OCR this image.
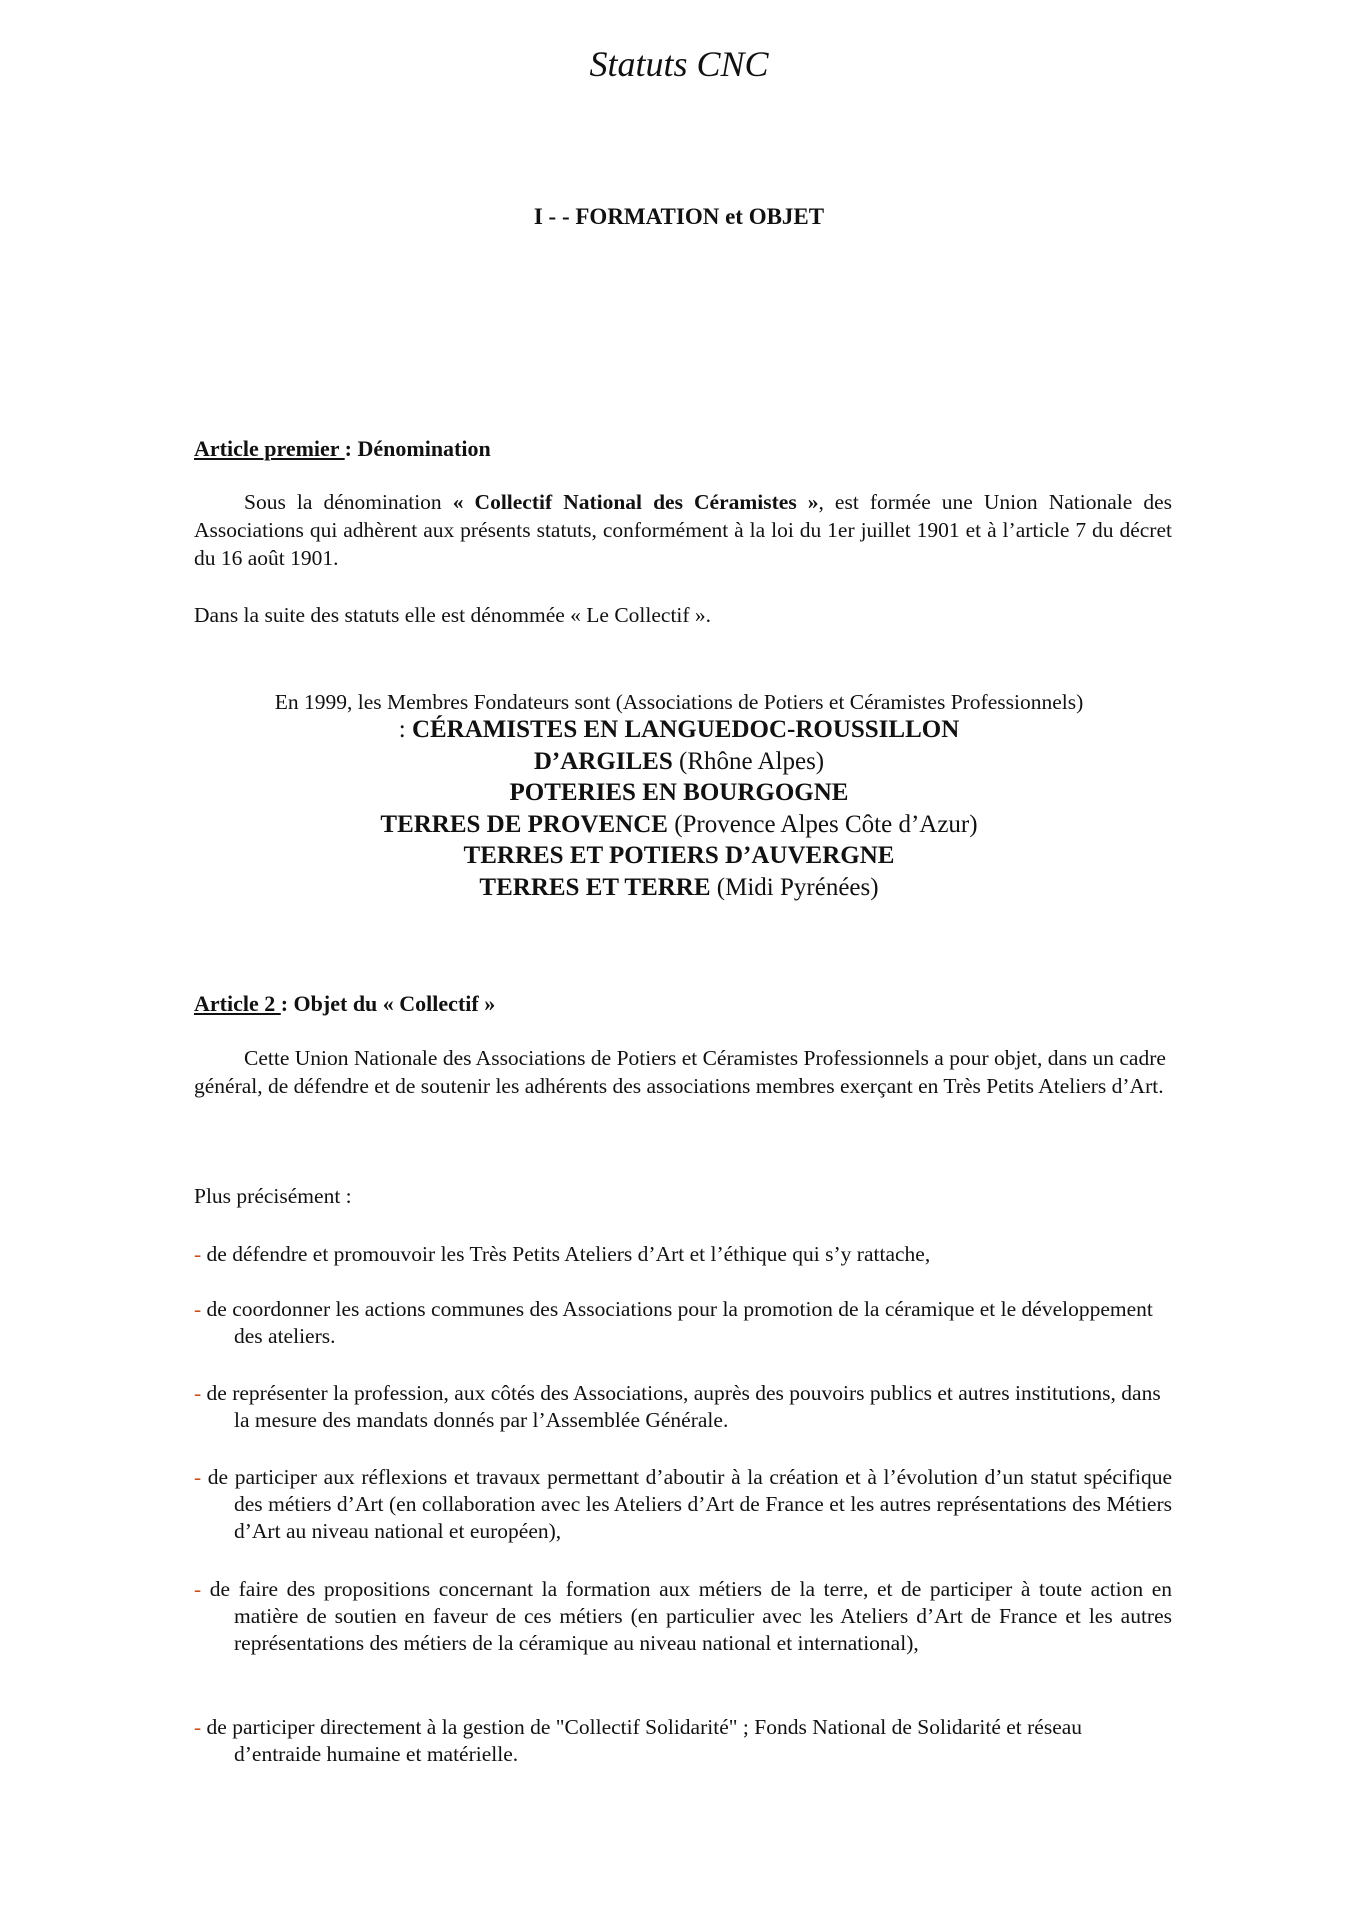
Statuts CNC
I - - FORMATION et OBJET
Article premier : Dénomination
Sous la dénomination « Collectif National des Céramistes », est formée une Union Nationale des Associations qui adhèrent aux présents statuts, conformément à la loi du 1er juillet 1901 et à l’article 7 du décret du 16 août 1901.
Dans la suite des statuts elle est dénommée « Le Collectif ».
En 1999, les Membres Fondateurs sont (Associations de Potiers et Céramistes Professionnels)
: CÉRAMISTES EN LANGUEDOC-ROUSSILLON
D’ARGILES (Rhône Alpes)
POTERIES EN BOURGOGNE
TERRES DE PROVENCE (Provence Alpes Côte d’Azur)
TERRES ET POTIERS D’AUVERGNE
TERRES ET TERRE (Midi Pyrénées)
Article 2 : Objet du « Collectif »
Cette Union Nationale des Associations de Potiers et Céramistes Professionnels a pour objet, dans un cadre général, de défendre et de soutenir les adhérents des associations membres exerçant en Très Petits Ateliers d’Art.
Plus précisément :
- de défendre et promouvoir les Très Petits Ateliers d’Art et l’éthique qui s’y rattache,
- de coordonner les actions communes des Associations pour la promotion de la céramique et le développement des ateliers.
- de représenter la profession, aux côtés des Associations, auprès des pouvoirs publics et autres institutions, dans la mesure des mandats donnés par l’Assemblée Générale.
- de participer aux réflexions et travaux permettant d’aboutir à la création et à l’évolution d’un statut spécifique des métiers d’Art (en collaboration avec les Ateliers d’Art de France et les autres représentations des Métiers d’Art au niveau national et européen),
- de faire des propositions concernant la formation aux métiers de la terre, et de participer à toute action en matière de soutien en faveur de ces métiers (en particulier avec les Ateliers d’Art de France et les autres représentations des métiers de la céramique au niveau national et international),
- de participer directement à la gestion de "Collectif Solidarité" ; Fonds National de Solidarité et réseau d’entraide humaine et matérielle.
